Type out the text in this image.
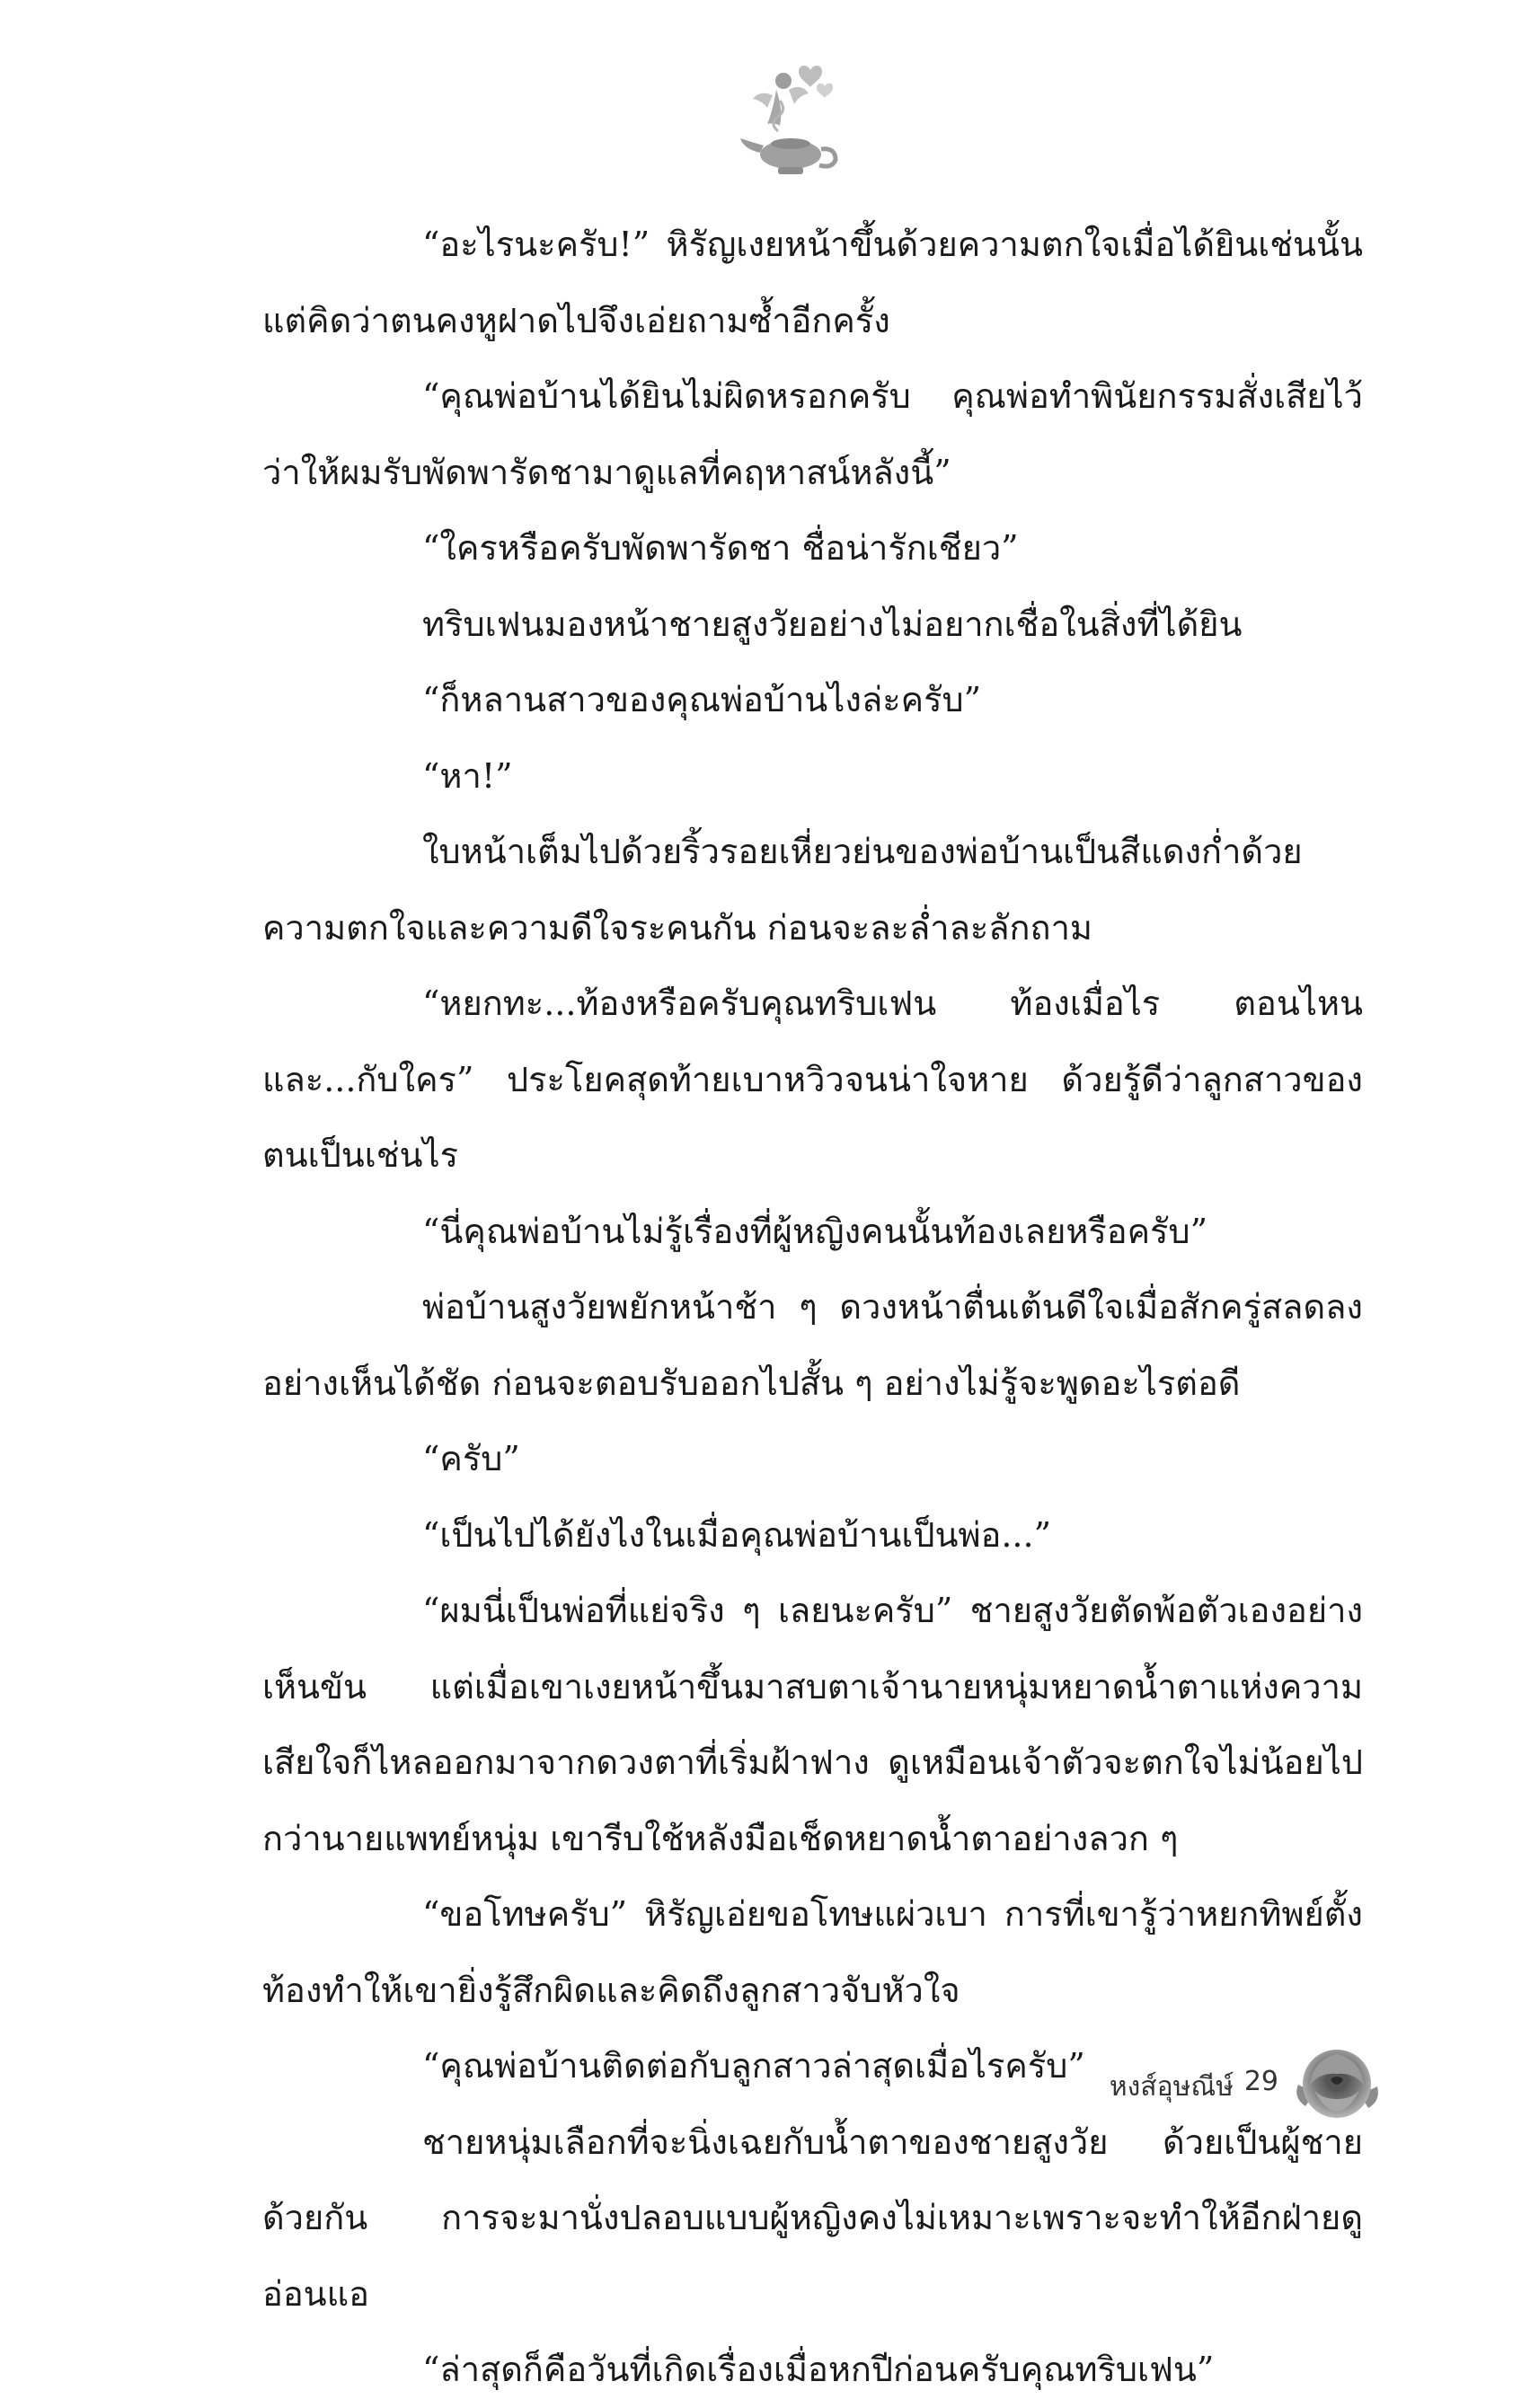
“อะไรนะครับ!” หิรัญเงยหน้าขึ้นด้วยความตกใจเมื่อได้ยินเช่นนั้น แต่คิดว่าตนคงหูฝาดไปจึงเอ่ยถามซ้ำอีกครั้ง

“คุณพ่อบ้านได้ยินไม่ผิดหรอกครับ คุณพ่อทำพินัยกรรมสั่งเสียไว้ว่าให้ผมรับพัดพารัดชามาดูแลที่คฤหาสน์หลังนี้”

“ใครหรือครับพัดพารัดชา ชื่อน่ารักเชียว”

ทริบเฟนมองหน้าชายสูงวัยอย่างไม่อยากเชื่อในสิ่งที่ได้ยิน

“ก็หลานสาวของคุณพ่อบ้านไงล่ะครับ”

“หา!”

ใบหน้าเต็มไปด้วยริ้วรอยเหี่ยวย่นของพ่อบ้านเป็นสีแดงก่ำด้วยความตกใจและความดีใจระคนกัน ก่อนจะละล่ำละลักถาม

“หยกทะ...ท้องหรือครับคุณทริบเฟน ท้องเมื่อไร ตอนไหนและ...กับใคร” ประโยคสุดท้ายเบาหวิวจนน่าใจหาย ด้วยรู้ดีว่าลูกสาวของตนเป็นเช่นไร

“นี่คุณพ่อบ้านไม่รู้เรื่องที่ผู้หญิงคนนั้นท้องเลยหรือครับ”

พ่อบ้านสูงวัยพยักหน้าช้า ๆ ดวงหน้าตื่นเต้นดีใจเมื่อสักครู่สลดลงอย่างเห็นได้ชัด ก่อนจะตอบรับออกไปสั้น ๆ อย่างไม่รู้จะพูดอะไรต่อดี

“ครับ”

“เป็นไปได้ยังไงในเมื่อคุณพ่อบ้านเป็นพ่อ...”

“ผมนี่เป็นพ่อที่แย่จริง ๆ เลยนะครับ” ชายสูงวัยตัดพ้อตัวเองอย่างเห็นขัน แต่เมื่อเขาเงยหน้าขึ้นมาสบตาเจ้านายหนุ่มหยาดน้ำตาแห่งความเสียใจก็ไหลออกมาจากดวงตาที่เริ่มฝ้าฟาง ดูเหมือนเจ้าตัวจะตกใจไม่น้อยไปกว่านายแพทย์หนุ่ม เขารีบใช้หลังมือเช็ดหยาดน้ำตาอย่างลวก ๆ

“ขอโทษครับ” หิรัญเอ่ยขอโทษแผ่วเบา การที่เขารู้ว่าหยกทิพย์ตั้งท้องทำให้เขายิ่งรู้สึกผิดและคิดถึงลูกสาวจับหัวใจ

“คุณพ่อบ้านติดต่อกับลูกสาวล่าสุดเมื่อไรครับ”

ชายหนุ่มเลือกที่จะนิ่งเฉยกับน้ำตาของชายสูงวัย ด้วยเป็นผู้ชายด้วยกัน การจะมานั่งปลอบแบบผู้หญิงคงไม่เหมาะเพราะจะทำให้อีกฝ่ายดูอ่อนแอ

“ล่าสุดก็คือวันที่เกิดเรื่องเมื่อหกปีก่อนครับคุณทริบเฟน”

หงส์อุษณีษ์ 29
